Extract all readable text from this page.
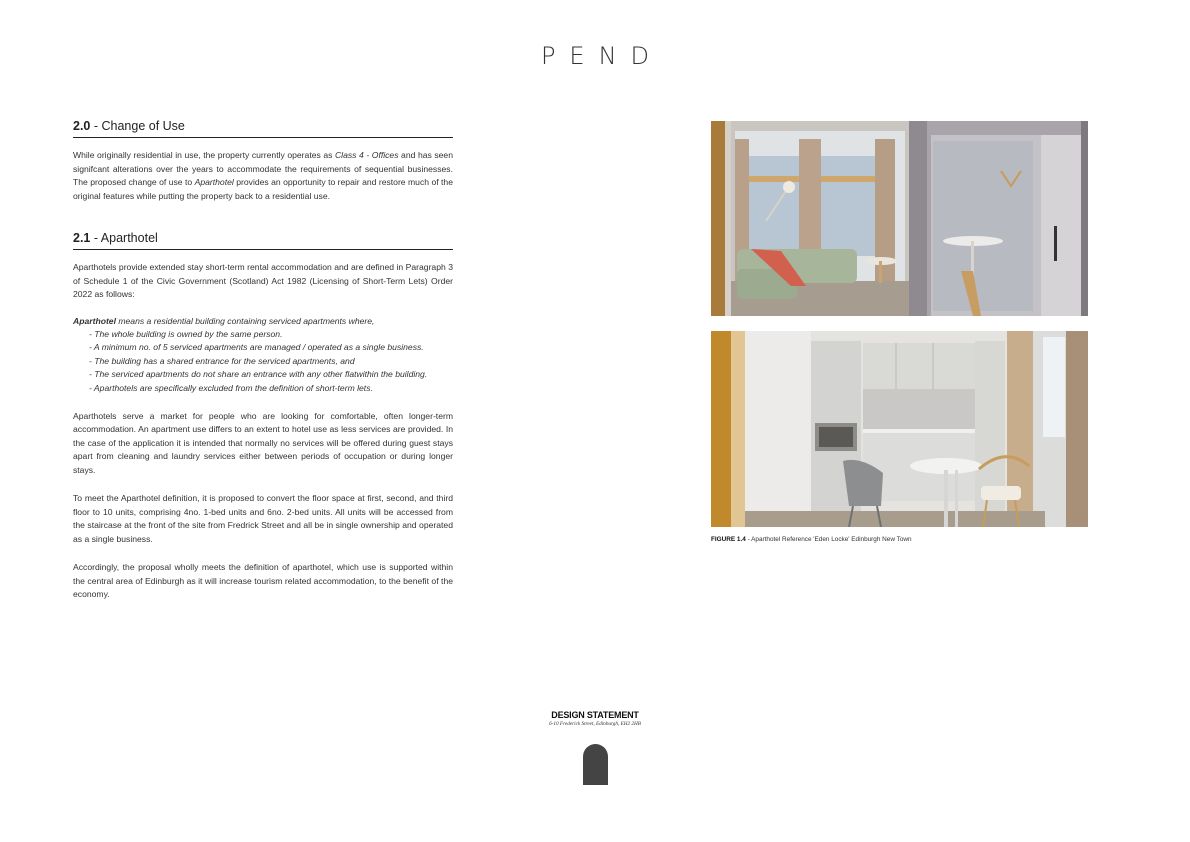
PEND
2.0 - Change of Use

While originally residential in use, the property currently operates as Class 4 - Offices and has seen signifcant alterations over the years to accommodate the requirements of sequential businesses. The proposed change of use to Aparthotel provides an opportunity to repair and restore much of the original features while putting the property back to a residential use.

2.1 - Aparthotel

Aparthotels provide extended stay short-term rental accommodation and are defined in Paragraph 3 of Schedule 1 of the Civic Government (Scotland) Act 1982 (Licensing of Short-Term Lets) Order 2022 as follows:

Aparthotel means a residential building containing serviced apartments where,
- The whole building is owned by the same person.
- A minimum no. of 5 serviced apartments are managed / operated as a single business.
- The building has a shared entrance for the serviced apartments, and
- The serviced apartments do not share an entrance with any other flatwithin the building.
- Aparthotels are specifically excluded from the definition of short-term lets.

Aparthotels serve a market for people who are looking for comfortable, often longer-term accommodation. An apartment use differs to an extent to hotel use as less services are provided. In the case of the application it is intended that normally no services will be offered during guest stays apart from cleaning and laundry services either between periods of occupation or during longer stays.

To meet the Aparthotel definition, it is proposed to convert the floor space at first, second, and third floor to 10 units, comprising 4no. 1-bed units and 6no. 2-bed units. All units will be accessed from the staircase at the front of the site from Fredrick Street and all be in single ownership and operated as a single business.

Accordingly, the proposal wholly meets the definition of aparthotel, which use is supported within the central area of Edinburgh as it will increase tourism related accommodation, to the benefit of the economy.

FIGURE 1.4 - Aparthotel Reference 'Eden Locke' Edinburgh New Town
DESIGN STATEMENT
6-10 Frederick Street, Edinburgh, EH2 2HB
